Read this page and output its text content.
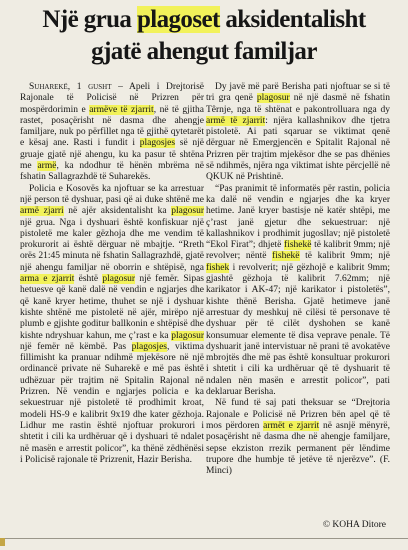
Një grua plagoset aksidentalisht
gjatë ahengut familjar

Suharekë, 1 gusht – Apeli i Drejtorisë Rajonale të Policisë në Prizren për mospërdorimin e armëve të zjarrit, në të gjitha rastet, posaçërisht në dasma dhe ahengje familjare, nuk po përfillet nga të gjithë qytetarët e kësaj ane. Rasti i fundit i plagosjes së një gruaje gjatë një ahengu, ku ka pasur të shtëna me armë, ka ndodhur të hënën mbrëma në fshatin Sallagrazhdë të Suharekës.

Policia e Kosovës ka njoftuar se ka arrestuar një person të dyshuar, pasi që ai duke shtënë me armë zjarri në ajër aksidentalisht ka plagosur një grua. Nga i dyshuari është konfiskuar një pistoletë me kaler gëzhoja dhe me vendim të prokurorit ai është dërguar në mbajtje. “Rreth orës 21:45 minuta në fshatin Sallagrazhdë, gjatë një ahengu familjar në oborrin e shtëpisë, nga arma e zjarrit është plagosur një femër. Sipas hetuesve që kanë dalë në vendin e ngjarjes dhe që kanë kryer hetime, thuhet se një i dyshuar kishte shtënë me pistoletë në ajër, mirëpo një plumb e gjishte goditur ballkonin e shtëpisë dhe kishte ndryshuar kahun, me ç’rast e ka plagosur një femër në këmbë. Pas plagosjes, viktima fillimisht ka pranuar ndihmë mjekësore në një ordinancë private në Suharekë e më pas është udhëzuar për trajtim në Spitalin Rajonal në Prizren. Në vendin e ngjarjes policia e ka sekuestruar një pistoletë të prodhimit kroat, modeli HS-9 e kalibrit 9x19 dhe kater gëzhoja. Lidhur me rastin është njoftuar prokurori i shtetit i cili ka urdhëruar që i dyshuari të ndalet në masën e arrestit policor”, ka thënë zëdhënësi i Policisë rajonale të Prizrenit, Hazir Berisha.

Dy javë më parë Berisha pati njoftuar se si të tri gra qenë plagosur në një dasmë në fshatin Têrnje, nga të shtënat e pakontrolluara nga dy armë të zjarrit: njëra kallashnikov dhe tjetra pistoletë. Ai pati sqaruar se viktimat qenë dërguar në Emergjencën e Spitalit Rajonal në Prizren për trajtim mjekësor dhe se pas dhënies së ndihmës, njëra nga viktimat ishte përcjellë në QKUK në Prishtinë.

“Pas pranimit të informatës për rastin, policia ka dalë në vendin e ngjarjes dhe ka kryer hetime. Janë kryer bastisje në katër shtëpi, me ç’rast janë gjetur dhe sekuestruar: një kallashnikov i prodhimit jugosllav; një pistoletë “Ekol Firat”; dhjetë fishekë të kalibrit 9mm; një revolver; nëntë fishekë të kalibrit 9mm; një fishek i revolverit; një gëzhojë e kalibrit 9mm; gjashtë gëzhoja të kalibrit 7.62mm; një karikator i AK-47; një karikator i pistoletës”, kishte thënë Berisha. Gjatë hetimeve janë arrestuar dy meshkuj në cilësi të personave të dyshuar për të cilët dyshohen se kanë konsumuar elemente të disa veprave penale. Të dyshuarit janë intervistuar në prani të avokatëve mbrojtës dhe më pas është konsultuar prokurori i shtetit i cili ka urdhëruar që të dyshuarit të ndalen nën masën e arrestit policor”, pati deklaruar Berisha.

Në fund të saj pati theksuar se “Drejtoria Rajonale e Policisë në Prizren bën apel që të mos përdoren armët e zjarrit në asnjë mënyrë, posaçërisht në dasma dhe në ahengje familjare, sepse ekziston rrezik permanent për lëndime trupore dhe humbje të jetëve të njerëzve”. (F. Minci)

© KOHA Ditore
